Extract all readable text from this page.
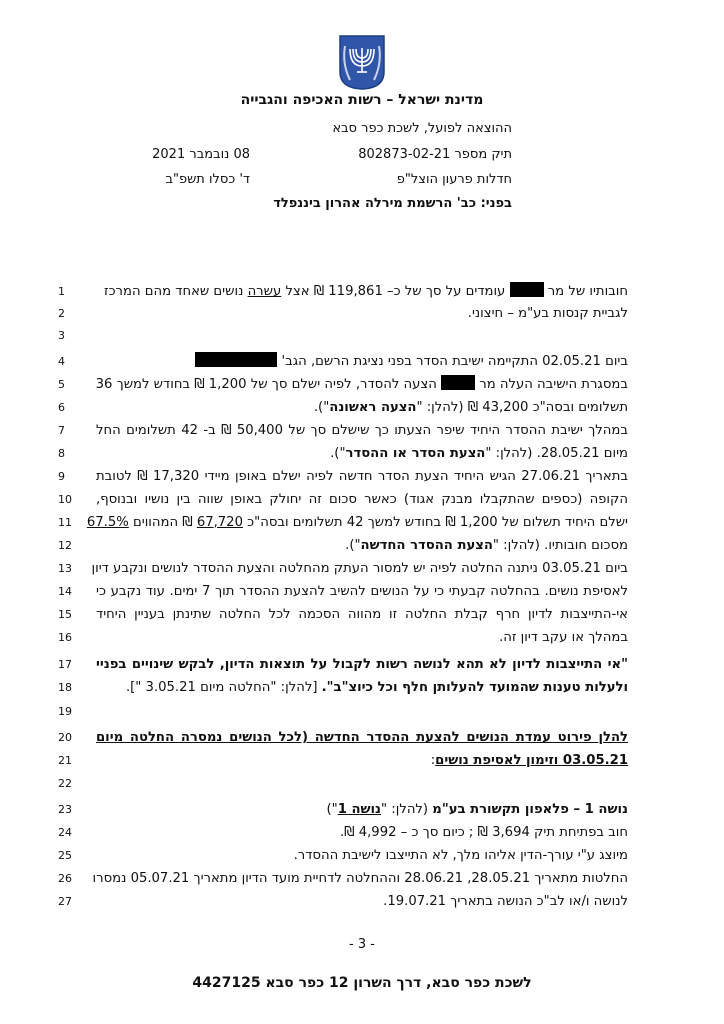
מדינת ישראל – רשות האכיפה והגבייה
ההוצאה לפועל, לשכת כפר סבא
תיק מספר 802873-02-21
חדלות פרעון הוצל"פ
בפני: כב' הרשמת מירלה אהרון ביננפלד
08 נובמבר 2021
ד' כסלו תשפ"ב
1	חובותיו של מר  עומדים על סך של כ– 119,861 ₪ אצל עשרה נושים שאחד מהם המרכז
2	לגביית קנסות בע"מ – חיצוני.
3
4	ביום 02.05.21 התקיימה ישיבת הסדר בפני נציגת הרשם, הגב'
5	במסגרת הישיבה העלה מר  הצעה להסדר, לפיה ישלם סך של 1,200 ₪ בחודש למשך 36
6	תשלומים ובסה"כ 43,200 ₪ (להלן: "הצעה ראשונה").
7	במהלך ישיבת ההסדר היחיד שיפר הצעתו כך שישלם סך של 50,400 ₪ ב- 42 תשלומים החל
8	מיום 28.05.21. (להלן: "הצעת הסדר או ההסדר").
9	בתאריך 27.06.21 הגיש היחיד הצעת הסדר חדשה לפיה ישלם באופן מיידי 17,320 ₪ לטובת
10	הקופה (כספים שהתקבלו מבנק אגוד) כאשר סכום זה יחולק באופן שווה בין נושיו ובנוסף,
11	ישלם היחיד תשלום של 1,200 ₪ בחודש למשך 42 תשלומים ובסה"כ 67,720 ₪ המהווים 67.5%
12	מסכום חובותיו. (להלן: "הצעת ההסדר החדשה").
13	ביום 03.05.21 ניתנה החלטה לפיה יש למסור העתק מהחלטה והצעת ההסדר לנושים ונקבע דיון
14	לאסיפת נושים. בהחלטה קבעתי כי על הנושים להשיב להצעת ההסדר תוך 7 ימים. עוד נקבע כי
15	אי-התייצבות לדיון חרף קבלת החלטה זו מהווה הסכמה לכל החלטה שתינתן בעניין היחיד
16	במהלך או עקב דיון זה.
17	"אי התייצבות לדיון לא תהא לנושה רשות לקבול על תוצאות הדיון, לבקש שינויים בפניי
18	ולעלות טענות שהמועד להעלותן חלף וכל כיוצ"ב". [להלן: "החלטה מיום 3.05.21 "].
19
20	להלן פירוט עמדת הנושים להצעת ההסדר החדשה (לכל הנושים נמסרה החלטה מיום
21	03.05.21 וזימון לאסיפת נושים:
22
23	נושה 1 – פלאפון תקשורת בע"מ (להלן: "נושה 1")
24	חוב בפתיחת תיק 3,694 ₪ ; כיום סך כ – 4,992 ₪.
25	מיוצג ע"י עורך-הדין אליהו מלך, לא התייצבו לישיבת ההסדר.
26	החלטות מתאריך 28.05.21, 28.06.21 וההחלטה לדחיית מועד הדיון מתאריך 05.07.21 נמסרו
27	לנושה ו/או לב"כ הנושה בתאריך 19.07.21.
- 3 -
לשכת כפר סבא, דרך השרון 12 כפר סבא 4427125
